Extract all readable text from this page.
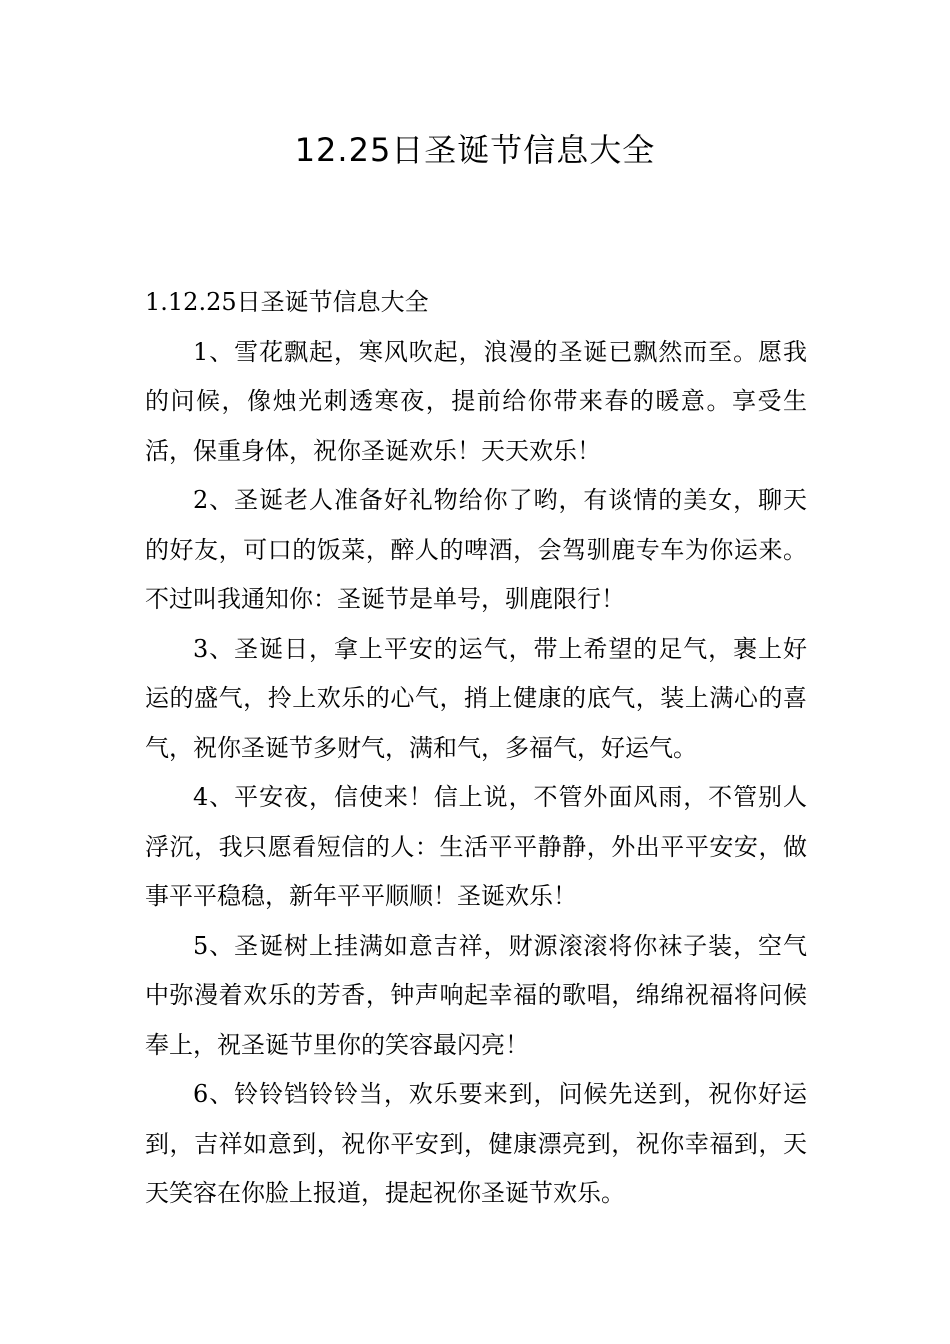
12.25日圣诞节信息大全
1.12.25日圣诞节信息大全

1、雪花飘起，寒风吹起，浪漫的圣诞已飘然而至。愿我的问候，像烛光刺透寒夜，提前给你带来春的暖意。享受生活，保重身体，祝你圣诞欢乐！天天欢乐！

2、圣诞老人准备好礼物给你了哟，有谈情的美女，聊天的好友，可口的饭菜，醉人的啤酒，会驾驯鹿专车为你运来。不过叫我通知你：圣诞节是单号，驯鹿限行！

3、圣诞日，拿上平安的运气，带上希望的足气，裹上好运的盛气，拎上欢乐的心气，捎上健康的底气，装上满心的喜气，祝你圣诞节多财气，满和气，多福气，好运气。

4、平安夜，信使来！信上说，不管外面风雨，不管别人浮沉，我只愿看短信的人：生活平平静静，外出平平安安，做事平平稳稳，新年平平顺顺！圣诞欢乐！

5、圣诞树上挂满如意吉祥，财源滚滚将你袜子装，空气中弥漫着欢乐的芳香，钟声响起幸福的歌唱，绵绵祝福将问候奉上，祝圣诞节里你的笑容最闪亮！

6、铃铃铛铃铃当，欢乐要来到，问候先送到，祝你好运到，吉祥如意到，祝你平安到，健康漂亮到，祝你幸福到，天天笑容在你脸上报道，提起祝你圣诞节欢乐。
